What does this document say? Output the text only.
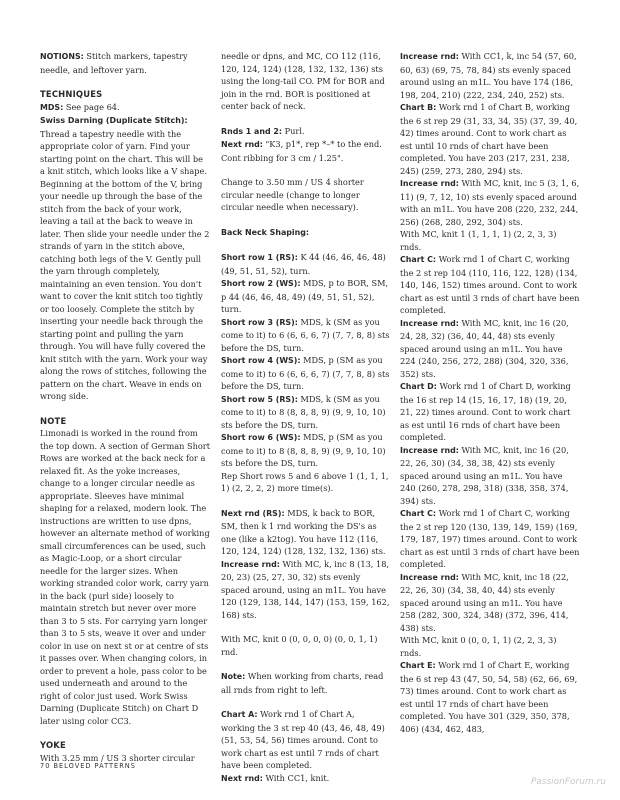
NOTIONS: Stitch markers, tapestry needle, and leftover yarn.

TECHNIQUES

MDS: See page 64.

Swiss Darning (Duplicate Stitch):

Thread a tapestry needle with the appropriate color of yarn. Find your starting point on the chart. This will be a knit stitch, which looks like a V shape. Beginning at the bottom of the V, bring your needle up through the base of the stitch from the back of your work, leaving a tail at the back to weave in later. Then slide your needle under the 2 strands of yarn in the stitch above, catching both legs of the V. Gently pull the yarn through completely, maintaining an even tension. You don't want to cover the knit stitch too tightly or too loosely. Complete the stitch by inserting your needle back through the starting point and pulling the yarn through. You will have fully covered the knit stitch with the yarn. Work your way along the rows of stitches, following the pattern on the chart. Weave in ends on wrong side.

NOTE

Limonadi is worked in the round from the top down. A section of German Short Rows are worked at the back neck for a relaxed fit. As the yoke increases, change to a longer circular needle as appropriate. Sleeves have minimal shaping for a relaxed, modern look. The instructions are written to use dpns, however an alternate method of working small circumferences can be used, such as Magic-Loop, or a short circular needle for the larger sizes. When working stranded color work, carry yarn in the back (purl side) loosely to maintain stretch but never over more than 3 to 5 sts. For carrying yarn longer than 3 to 5 sts, weave it over and under color in use on next st or at centre of sts it passes over. When changing colors, in order to prevent a hole, pass color to be used underneath and around to the right of color just used. Work Swiss Darning (Duplicate Stitch) on Chart D later using color CC3.

YOKE

With 3.25 mm / US 3 shorter circular

needle or dpns, and MC, CO 112 (116, 120, 124, 124) (128, 132, 132, 136) sts using the long-tail CO. PM for BOR and join in the rnd. BOR is positioned at center back of neck.

Rnds 1 and 2: Purl.

Next rnd: "K3, p1*, rep *–* to the end. Cont ribbing for 3 cm / 1.25".

Change to 3.50 mm / US 4 shorter circular needle (change to longer circular needle when necessary).

Back Neck Shaping:

Short row 1 (RS): K 44 (46, 46, 46, 48) (49, 51, 51, 52), turn.

Short row 2 (WS): MDS, p to BOR, SM, p 44 (46, 46, 48, 49) (49, 51, 51, 52), turn.

Short row 3 (RS): MDS, k (SM as you come to it) to 6 (6, 6, 6, 7) (7, 7, 8, 8) sts before the DS, turn.

Short row 4 (WS): MDS, p (SM as you come to it) to 6 (6, 6, 6, 7) (7, 7, 8, 8) sts before the DS, turn.

Short row 5 (RS): MDS, k (SM as you come to it) to 8 (8, 8, 8, 9) (9, 9, 10, 10) sts before the DS, turn.

Short row 6 (WS): MDS, p (SM as you come to it) to 8 (8, 8, 8, 9) (9, 9, 10, 10) sts before the DS, turn.

Rep Short rows 5 and 6 above 1 (1, 1, 1, 1) (2, 2, 2, 2) more time(s).

Next rnd (RS): MDS, k back to BOR, SM, then k 1 rnd working the DS's as one (like a k2tog). You have 112 (116, 120, 124, 124) (128, 132, 132, 136) sts.

Increase rnd: With MC, k, inc 8 (13, 18, 20, 23) (25, 27, 30, 32) sts evenly spaced around, using an m1L. You have 120 (129, 138, 144, 147) (153, 159, 162, 168) sts.

With MC, knit 0 (0, 0, 0, 0) (0, 0, 1, 1) rnd.

Note: When working from charts, read all rnds from right to left.

Chart A: Work rnd 1 of Chart A, working the 3 st rep 40 (43, 46, 48, 49) (51, 53, 54, 56) times around. Cont to work chart as est until 7 rnds of chart have been completed.

Next rnd: With CC1, knit.

Increase rnd: With CC1, k, inc 54 (57, 60, 60, 63) (69, 75, 78, 84) sts evenly spaced around using an m1L. You have 174 (186, 198, 204, 210) (222, 234, 240, 252) sts.

Chart B: Work rnd 1 of Chart B, working the 6 st rep 29 (31, 33, 34, 35) (37, 39, 40, 42) times around. Cont to work chart as est until 10 rnds of chart have been completed. You have 203 (217, 231, 238, 245) (259, 273, 280, 294) sts.

Increase rnd: With MC, knit, inc 5 (3, 1, 6, 11) (9, 7, 12, 10) sts evenly spaced around with an m1L. You have 208 (220, 232, 244, 256) (268, 280, 292, 304) sts.

With MC, knit 1 (1, 1, 1, 1) (2, 2, 3, 3) rnds.

Chart C: Work rnd 1 of Chart C, working the 2 st rep 104 (110, 116, 122, 128) (134, 140, 146, 152) times around. Cont to work chart as est until 3 rnds of chart have been completed.

Increase rnd: With MC, knit, inc 16 (20, 24, 28, 32) (36, 40, 44, 48) sts evenly spaced around using an m1L. You have 224 (240, 256, 272, 288) (304, 320, 336, 352) sts.

Chart D: Work rnd 1 of Chart D, working the 16 st rep 14 (15, 16, 17, 18) (19, 20, 21, 22) times around. Cont to work chart as est until 16 rnds of chart have been completed.

Increase rnd: With MC, knit, inc 16 (20, 22, 26, 30) (34, 38, 38, 42) sts evenly spaced around using an m1L. You have 240 (260, 278, 298, 318) (338, 358, 374, 394) sts.

Chart C: Work rnd 1 of Chart C, working the 2 st rep 120 (130, 139, 149, 159) (169, 179, 187, 197) times around. Cont to work chart as est until 3 rnds of chart have been completed.

Increase rnd: With MC, knit, inc 18 (22, 22, 26, 30) (34, 38, 40, 44) sts evenly spaced around using an m1L. You have 258 (282, 300, 324, 348) (372, 396, 414, 438) sts.

With MC, knit 0 (0, 0, 1, 1) (2, 2, 3, 3) rnds.

Chart E: Work rnd 1 of Chart E, working the 6 st rep 43 (47, 50, 54, 58) (62, 66, 69, 73) times around. Cont to work chart as est until 17 rnds of chart have been completed. You have 301 (329, 350, 378, 406) (434, 462, 483,

70 BELOVED PATTERNS
PassionForum.ru
